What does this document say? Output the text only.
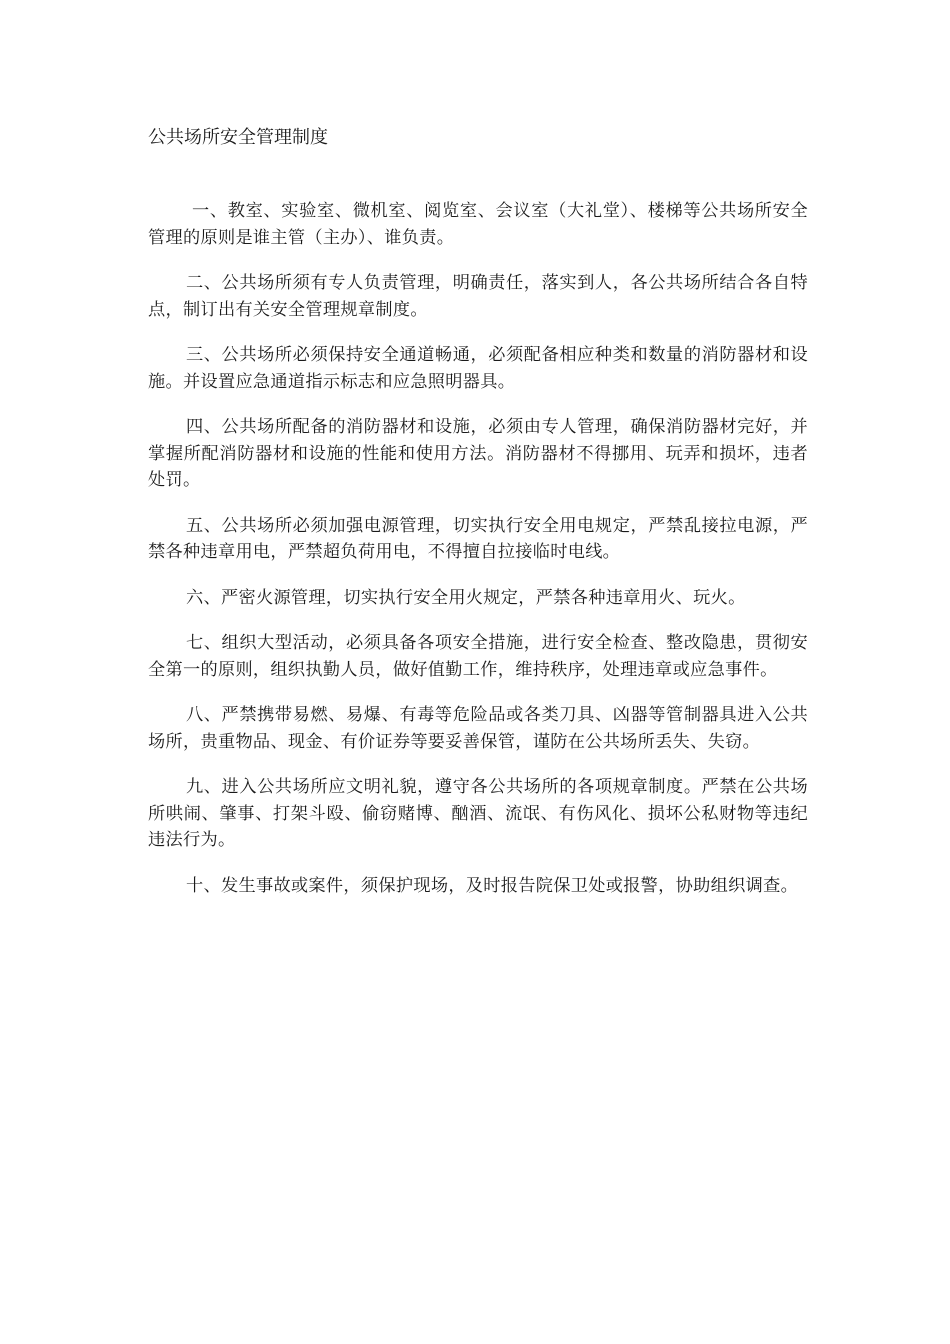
公共场所安全管理制度

一、教室、实验室、微机室、阅览室、会议室（大礼堂）、楼梯等公共场所安全管理的原则是谁主管（主办）、谁负责。

二、公共场所须有专人负责管理，明确责任，落实到人，各公共场所结合各自特点，制订出有关安全管理规章制度。

三、公共场所必须保持安全通道畅通，必须配备相应种类和数量的消防器材和设施。并设置应急通道指示标志和应急照明器具。

四、公共场所配备的消防器材和设施，必须由专人管理，确保消防器材完好，并掌握所配消防器材和设施的性能和使用方法。消防器材不得挪用、玩弄和损坏，违者处罚。

五、公共场所必须加强电源管理，切实执行安全用电规定，严禁乱接拉电源，严禁各种违章用电，严禁超负荷用电，不得擅自拉接临时电线。

六、严密火源管理，切实执行安全用火规定，严禁各种违章用火、玩火。

七、组织大型活动，必须具备各项安全措施，进行安全检查、整改隐患，贯彻安全第一的原则，组织执勤人员，做好值勤工作，维持秩序，处理违章或应急事件。

八、严禁携带易燃、易爆、有毒等危险品或各类刀具、凶器等管制器具进入公共场所，贵重物品、现金、有价证券等要妥善保管，谨防在公共场所丢失、失窃。

九、进入公共场所应文明礼貌，遵守各公共场所的各项规章制度。严禁在公共场所哄闹、肇事、打架斗殴、偷窃赌博、酗酒、流氓、有伤风化、损坏公私财物等违纪违法行为。

十、发生事故或案件，须保护现场，及时报告院保卫处或报警，协助组织调查。
